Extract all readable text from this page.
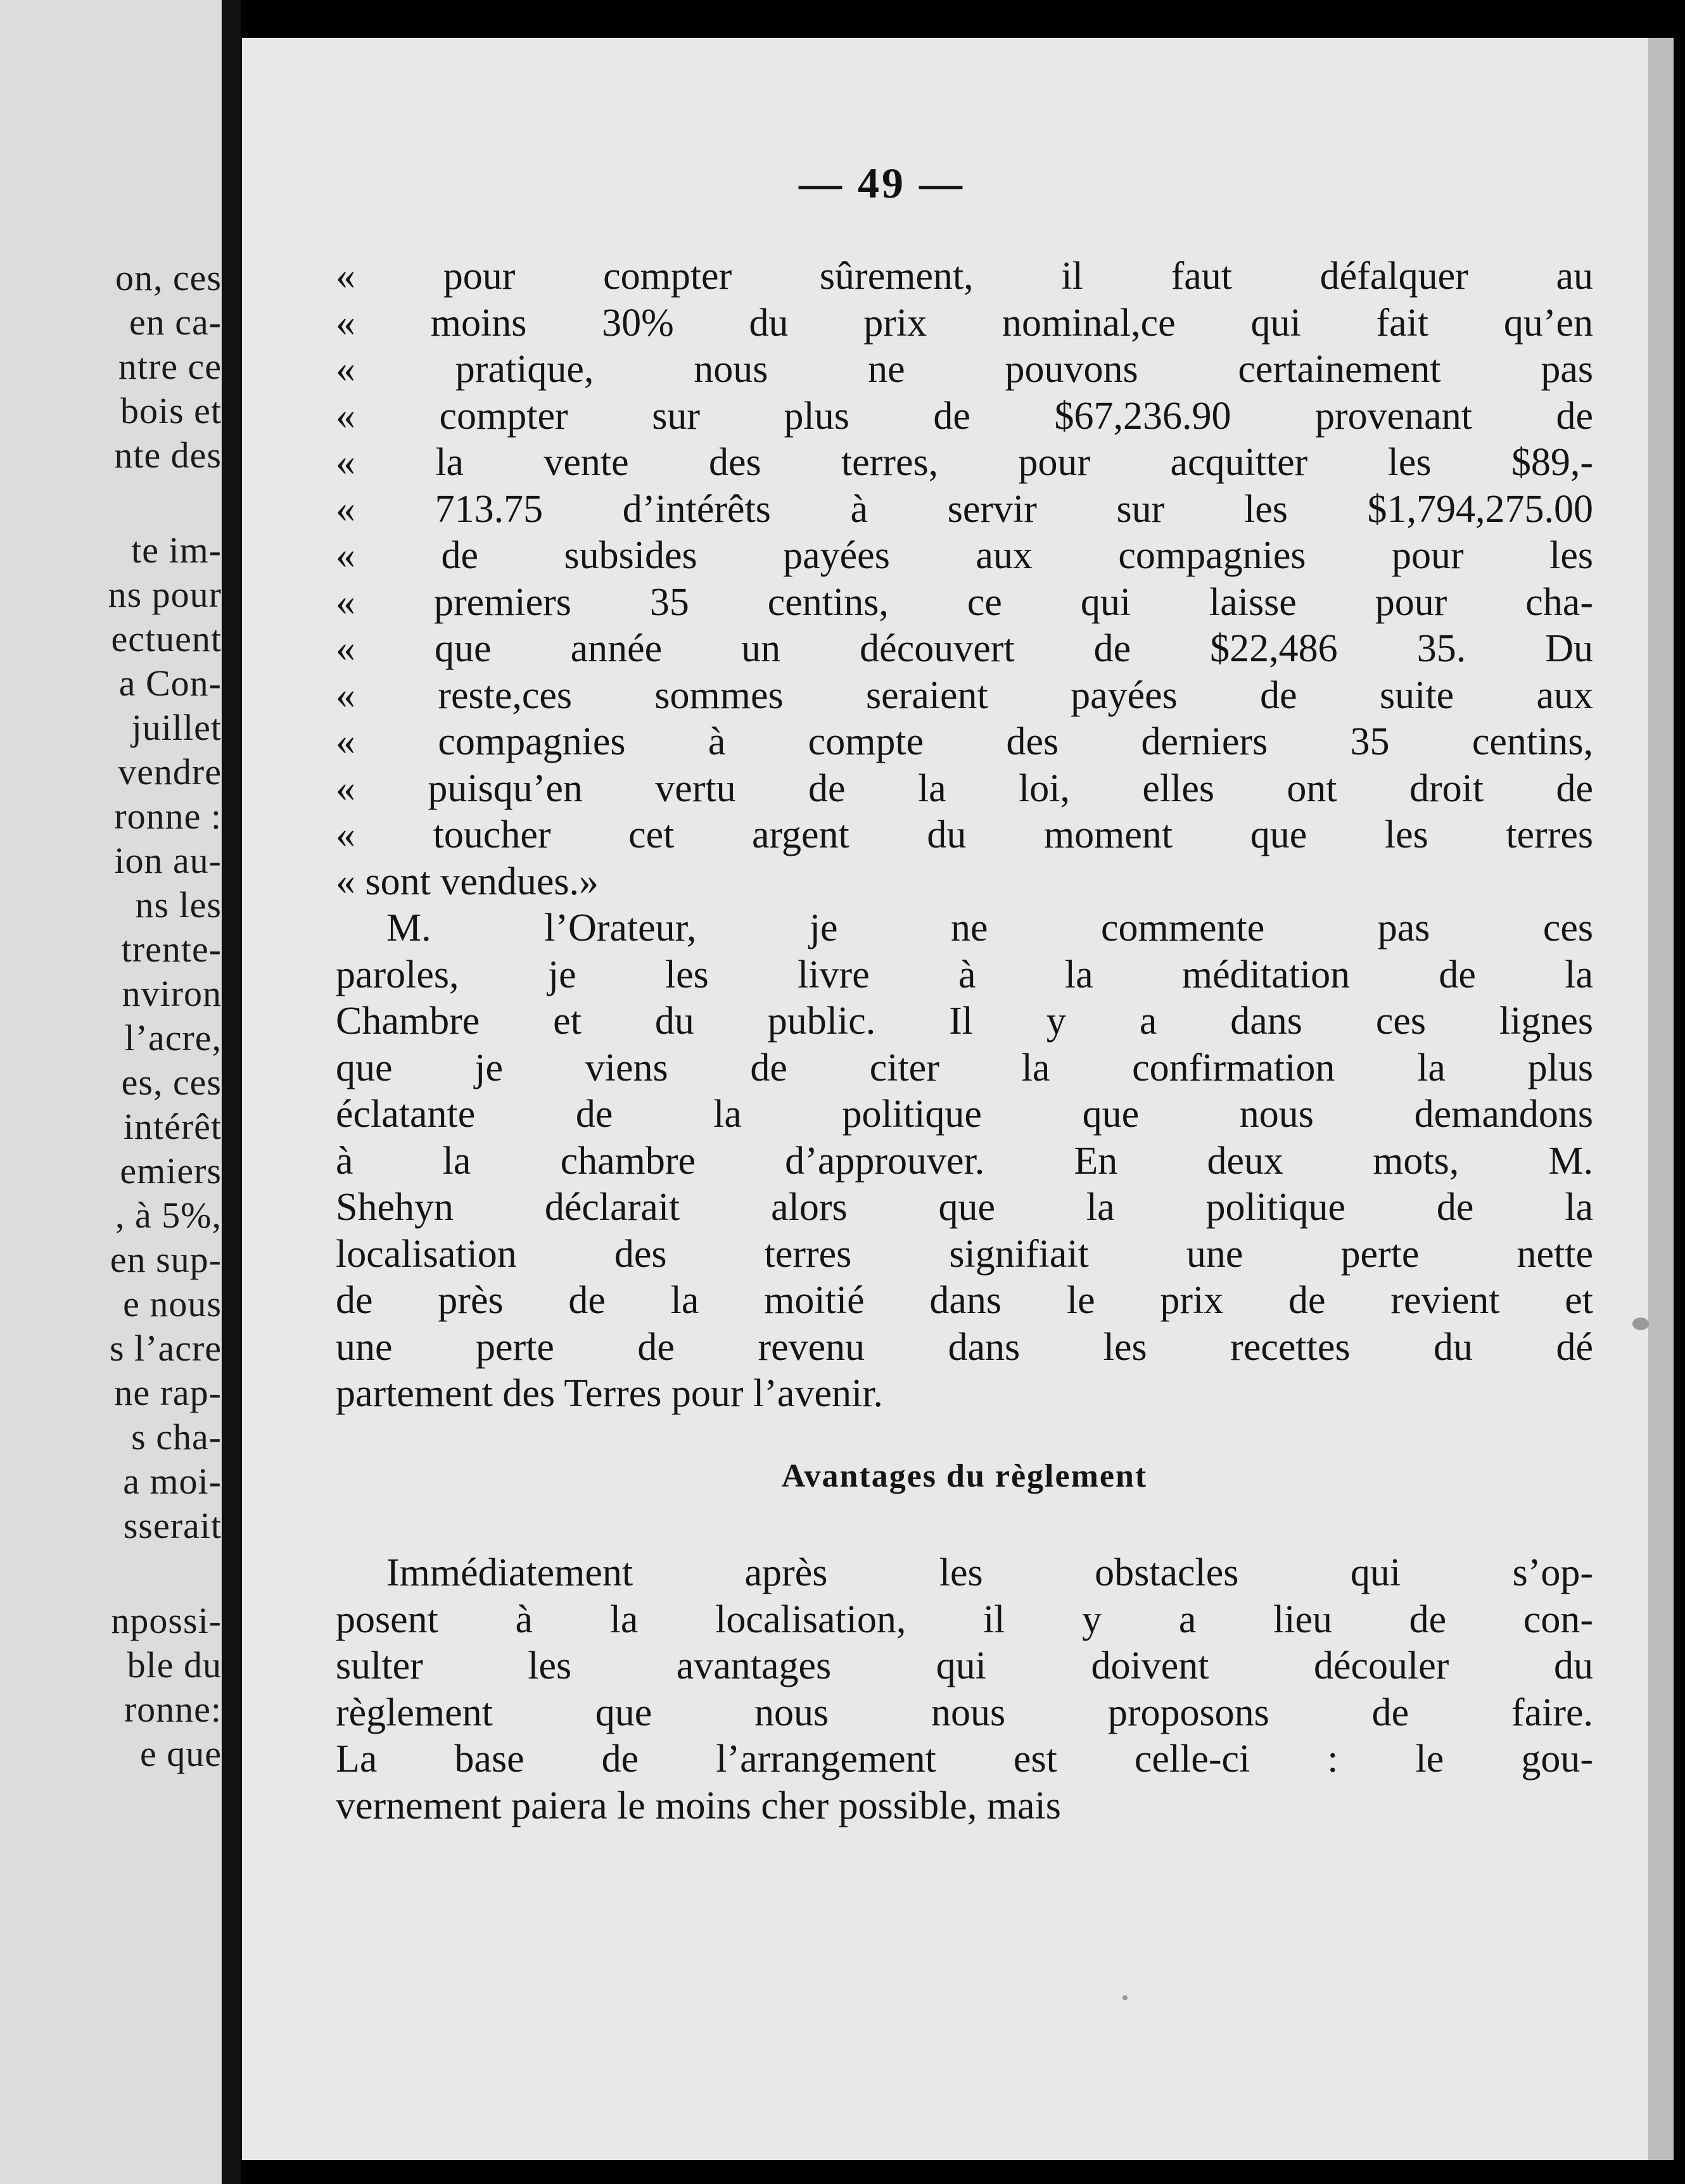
on, ces
en ca-
ntre ce
bois et
nte des
te im-
ns pour
ectuent
a Con-
juillet
vendre
ronne :
ion au-
ns les
trente-
nviron
l’acre,
es, ces
intérêt
emiers
, à 5%,
en sup-
e nous
s l’acre
ne rap-
s cha-
a moi-
sserait
npossi-
ble du
ronne:
e que
— 49 —
« pour compter sûrement, il faut défalquer au
« moins 30% du prix nominal,ce qui fait qu’en
« pratique, nous ne pouvons certainement pas
« compter sur plus de $67,236.90 provenant de
« la vente des terres, pour acquitter les $89,-
« 713.75 d’intérêts à servir sur les $1,794,275.00
« de subsides payées aux compagnies pour les
« premiers 35 centins, ce qui laisse pour cha-
« que année un découvert de $22,486 35. Du
« reste,ces sommes seraient payées de suite aux
« compagnies à compte des derniers 35 centins,
« puisqu’en vertu de la loi, elles ont droit de
« toucher cet argent du moment que les terres
« sont vendues.»
M. l’Orateur, je ne commente pas ces
paroles, je les livre à la méditation de la
Chambre et du public. Il y a dans ces lignes
que je viens de citer la confirmation la plus
éclatante de la politique que nous demandons
à la chambre d’approuver. En deux mots, M.
Shehyn déclarait alors que la politique de la
localisation des terres signifiait une perte nette
de près de la moitié dans le prix de revient et
une perte de revenu dans les recettes du dé
partement des Terres pour l’avenir.
Avantages du règlement
Immédiatement après les obstacles qui s’op-
posent à la localisation, il y a lieu de con-
sulter les avantages qui doivent découler du
règlement que nous nous proposons de faire.
La base de l’arrangement est celle-ci : le gou-
vernement paiera le moins cher possible, mais
